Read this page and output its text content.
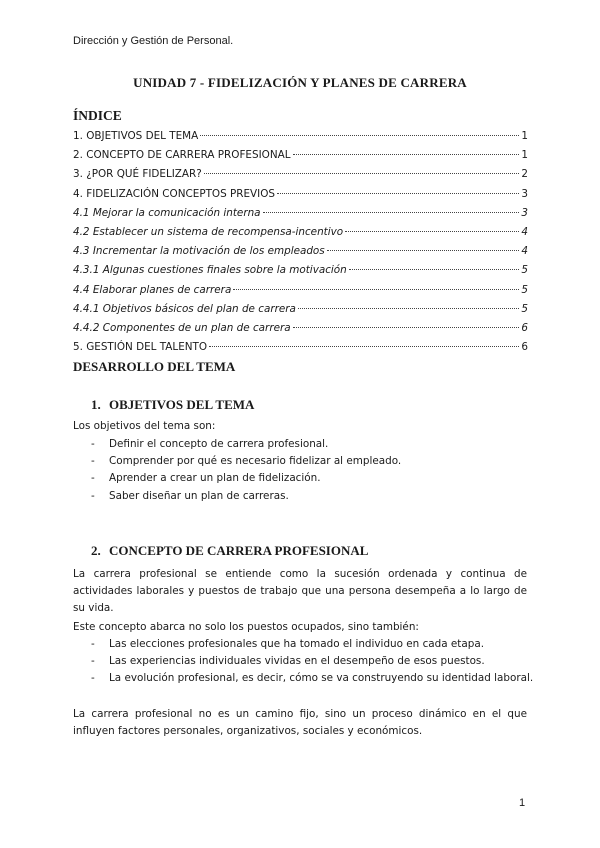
Dirección y Gestión de Personal.
UNIDAD 7 - FIDELIZACIÓN Y PLANES DE CARRERA
ÍNDICE
1. OBJETIVOS DEL TEMA	1
2. CONCEPTO DE CARRERA PROFESIONAL	1
3. ¿POR QUÉ FIDELIZAR?	2
4. FIDELIZACIÓN CONCEPTOS PREVIOS	3
4.1 Mejorar la comunicación interna	3
4.2 Establecer un sistema de recompensa-incentivo	4
4.3 Incrementar la motivación de los empleados	4
4.3.1 Algunas cuestiones finales sobre la motivación	5
4.4 Elaborar planes de carrera	5
4.4.1 Objetivos básicos del plan de carrera	5
4.4.2 Componentes de un plan de carrera	6
5. GESTIÓN DEL TALENTO	6
DESARROLLO DEL TEMA
1. OBJETIVOS DEL TEMA
Los objetivos del tema son:
- Definir el concepto de carrera profesional.
- Comprender por qué es necesario fidelizar al empleado.
- Aprender a crear un plan de fidelización.
- Saber diseñar un plan de carreras.
2. CONCEPTO DE CARRERA PROFESIONAL
La carrera profesional se entiende como la sucesión ordenada y continua de actividades laborales y puestos de trabajo que una persona desempeña a lo largo de su vida.
Este concepto abarca no solo los puestos ocupados, sino también:
- Las elecciones profesionales que ha tomado el individuo en cada etapa.
- Las experiencias individuales vividas en el desempeño de esos puestos.
- La evolución profesional, es decir, cómo se va construyendo su identidad laboral.
La carrera profesional no es un camino fijo, sino un proceso dinámico en el que influyen factores personales, organizativos, sociales y económicos.
1
